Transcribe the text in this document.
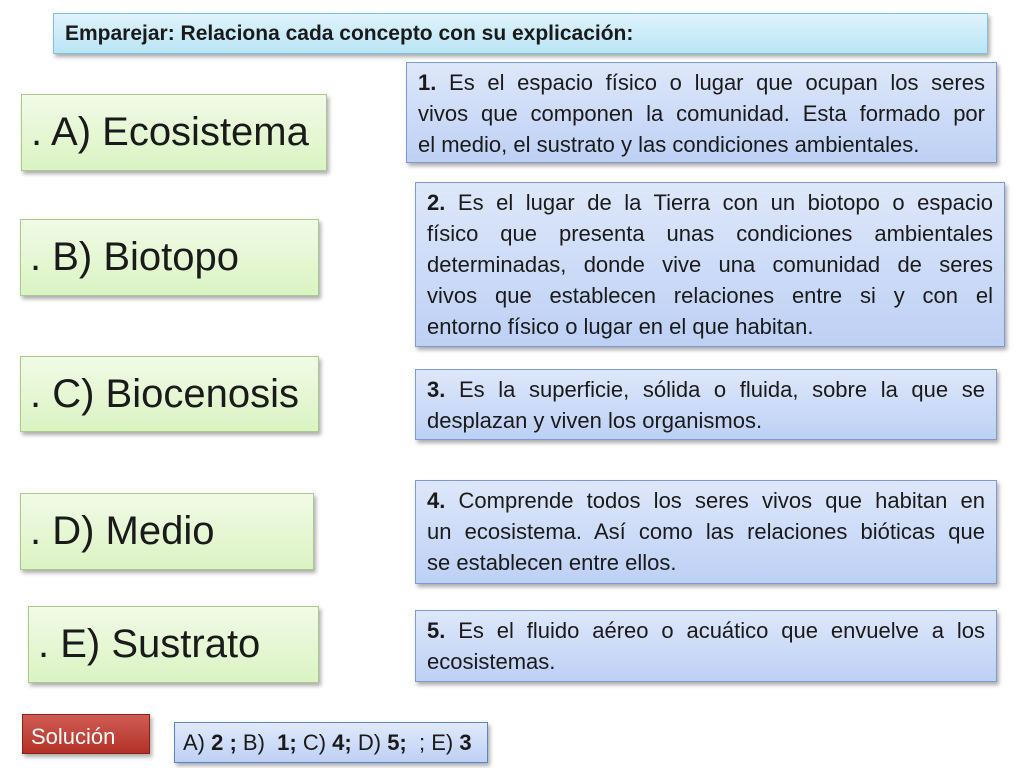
Emparejar: Relaciona cada concepto con su explicación:
. A) Ecosistema
. B) Biotopo
. C) Biocenosis
. D) Medio
. E) Sustrato
1. Es el espacio físico o lugar que ocupan los seres
vivos que componen la comunidad. Esta formado por
el medio, el sustrato y las condiciones ambientales.
2. Es el lugar de la Tierra con un biotopo o espacio
físico que presenta unas condiciones ambientales
determinadas, donde vive una comunidad de seres
vivos que establecen relaciones entre si y con el
entorno físico o lugar en el que habitan.
3. Es la superficie, sólida o fluida, sobre la que se
desplazan y viven los organismos.
4. Comprende todos los seres vivos que habitan en
un ecosistema. Así como las relaciones bióticas que
se establecen entre ellos.
5. Es el fluido aéreo o acuático que envuelve a los
ecosistemas.
Solución	A) 2 ; B)  1; C) 4; D) 5;  ; E) 3
